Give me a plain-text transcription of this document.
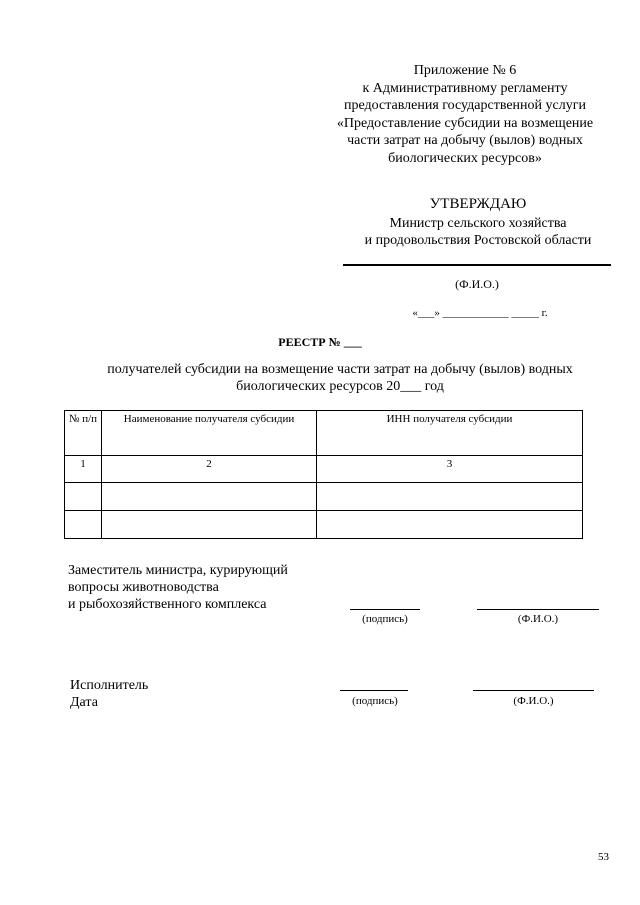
Приложение № 6
к Административному регламенту
предоставления государственной услуги
«Предоставление субсидии на возмещение
части затрат на добычу (вылов) водных
биологических ресурсов»
УТВЕРЖДАЮ
Министр сельского хозяйства
и продовольствия Ростовской области
(Ф.И.О.)
«___» ____________ _____ г.
РЕЕСТР № ___
получателей субсидии на возмещение части затрат на добычу (вылов) водных
биологических ресурсов 20___ год
№ п/п	Наименование получателя субсидии	ИНН получателя субсидии
1	2	3

Заместитель министра, курирующий
вопросы животноводства
и рыбохозяйственного комплекса
(подпись)	(Ф.И.О.)
Исполнитель
Дата	(подпись)	(Ф.И.О.)
53
